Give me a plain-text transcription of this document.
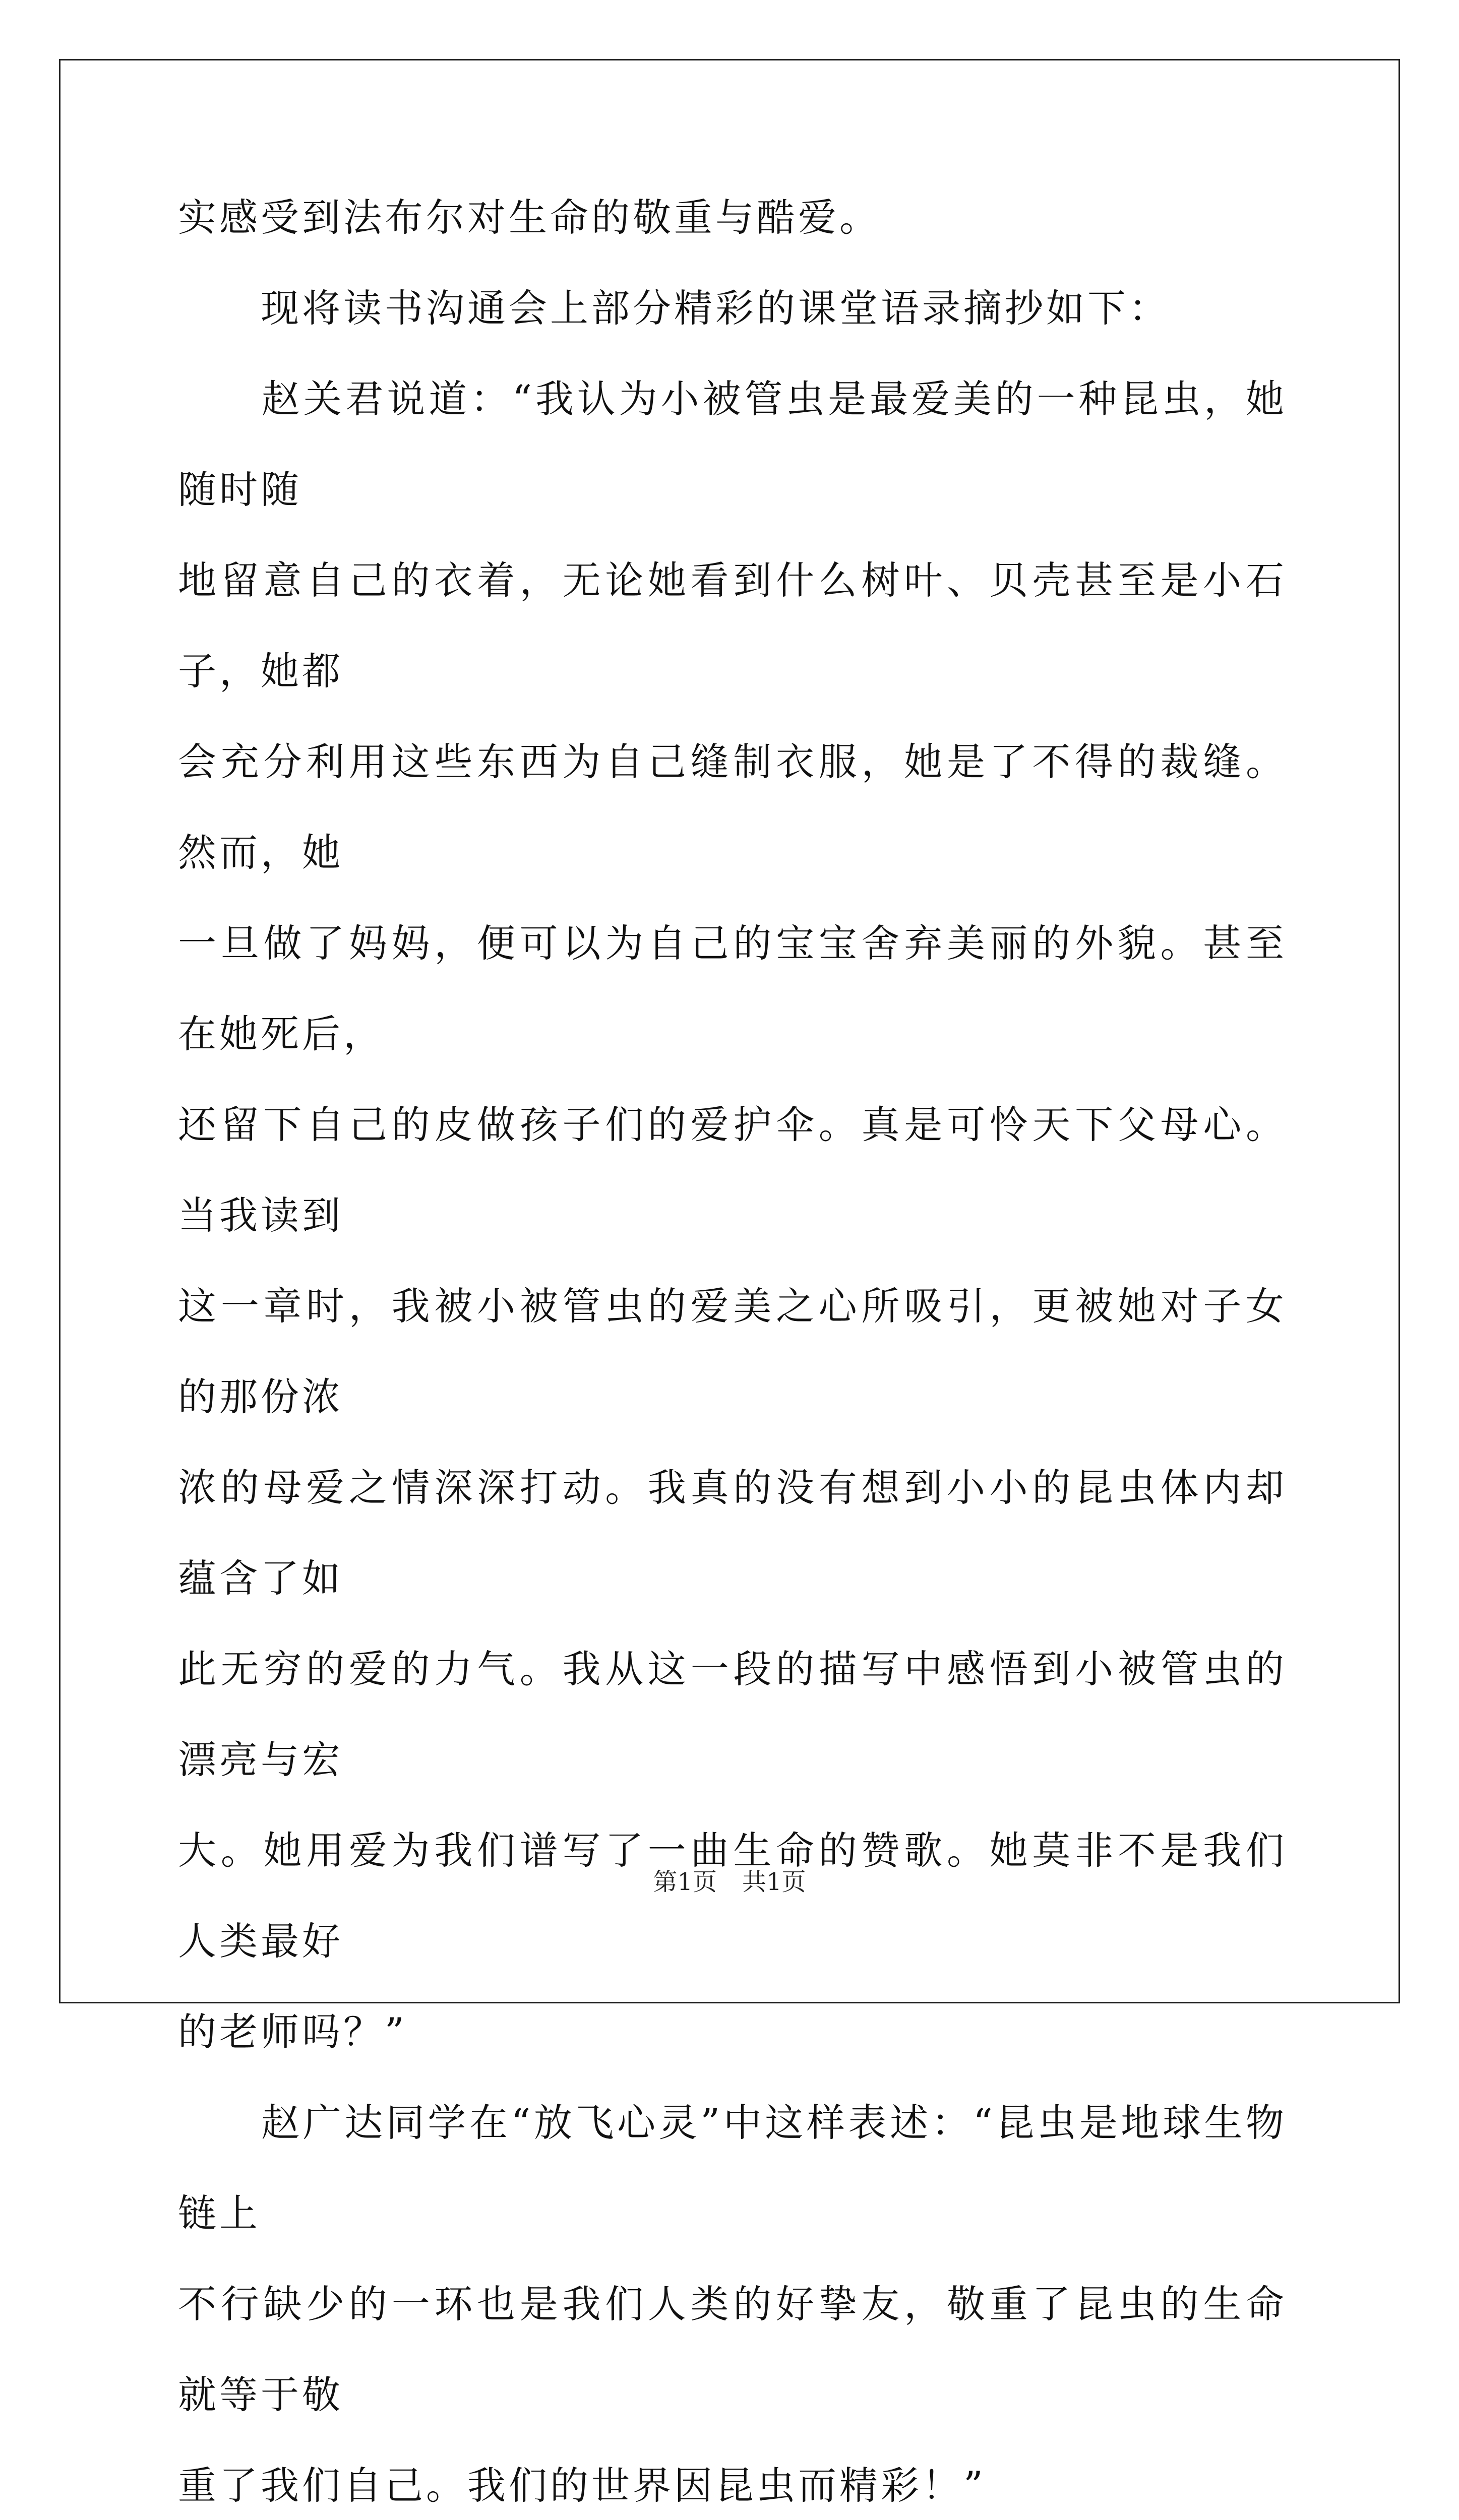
实感受到法布尔对生命的敬重与酷爱。

　　现将读书沟通会上部分精彩的课堂语录摘抄如下：

　　赵关君说道：“我认为小被管虫是最爱美的一种昆虫，她随时随

地留意自己的衣着，无论她看到什么树叶、贝壳甚至是小石子，她都

会充分利用这些东西为自己缝制衣服，她是了不得的裁缝。然而，她

一旦做了妈妈，便可以为自己的宝宝舍弃美丽的外貌。甚至在她死后，

还留下自己的皮做孩子们的爱护伞。真是可怜天下父母心。当我读到

这一章时，我被小被管虫的爱美之心所吸引，更被她对子女的那份浓

浓的母爱之情深深打动。我真的没有想到小小的昆虫体内却蕴含了如

此无穷的爱的力气。我从这一段的描写中感悟到小被管虫的漂亮与宏

大。她用爱为我们谱写了一曲生命的赞歌。她莫非不是我们人类最好

的老师吗？”

　　赵广达同学在“放飞心灵”中这样表述：“昆虫是地球生物链上

不行缺少的一环也是我们人类的好挚友，敬重了昆虫的生命就等于敬

重了我们自己。我们的世界因昆虫而精彩！”

第1页 共1页
